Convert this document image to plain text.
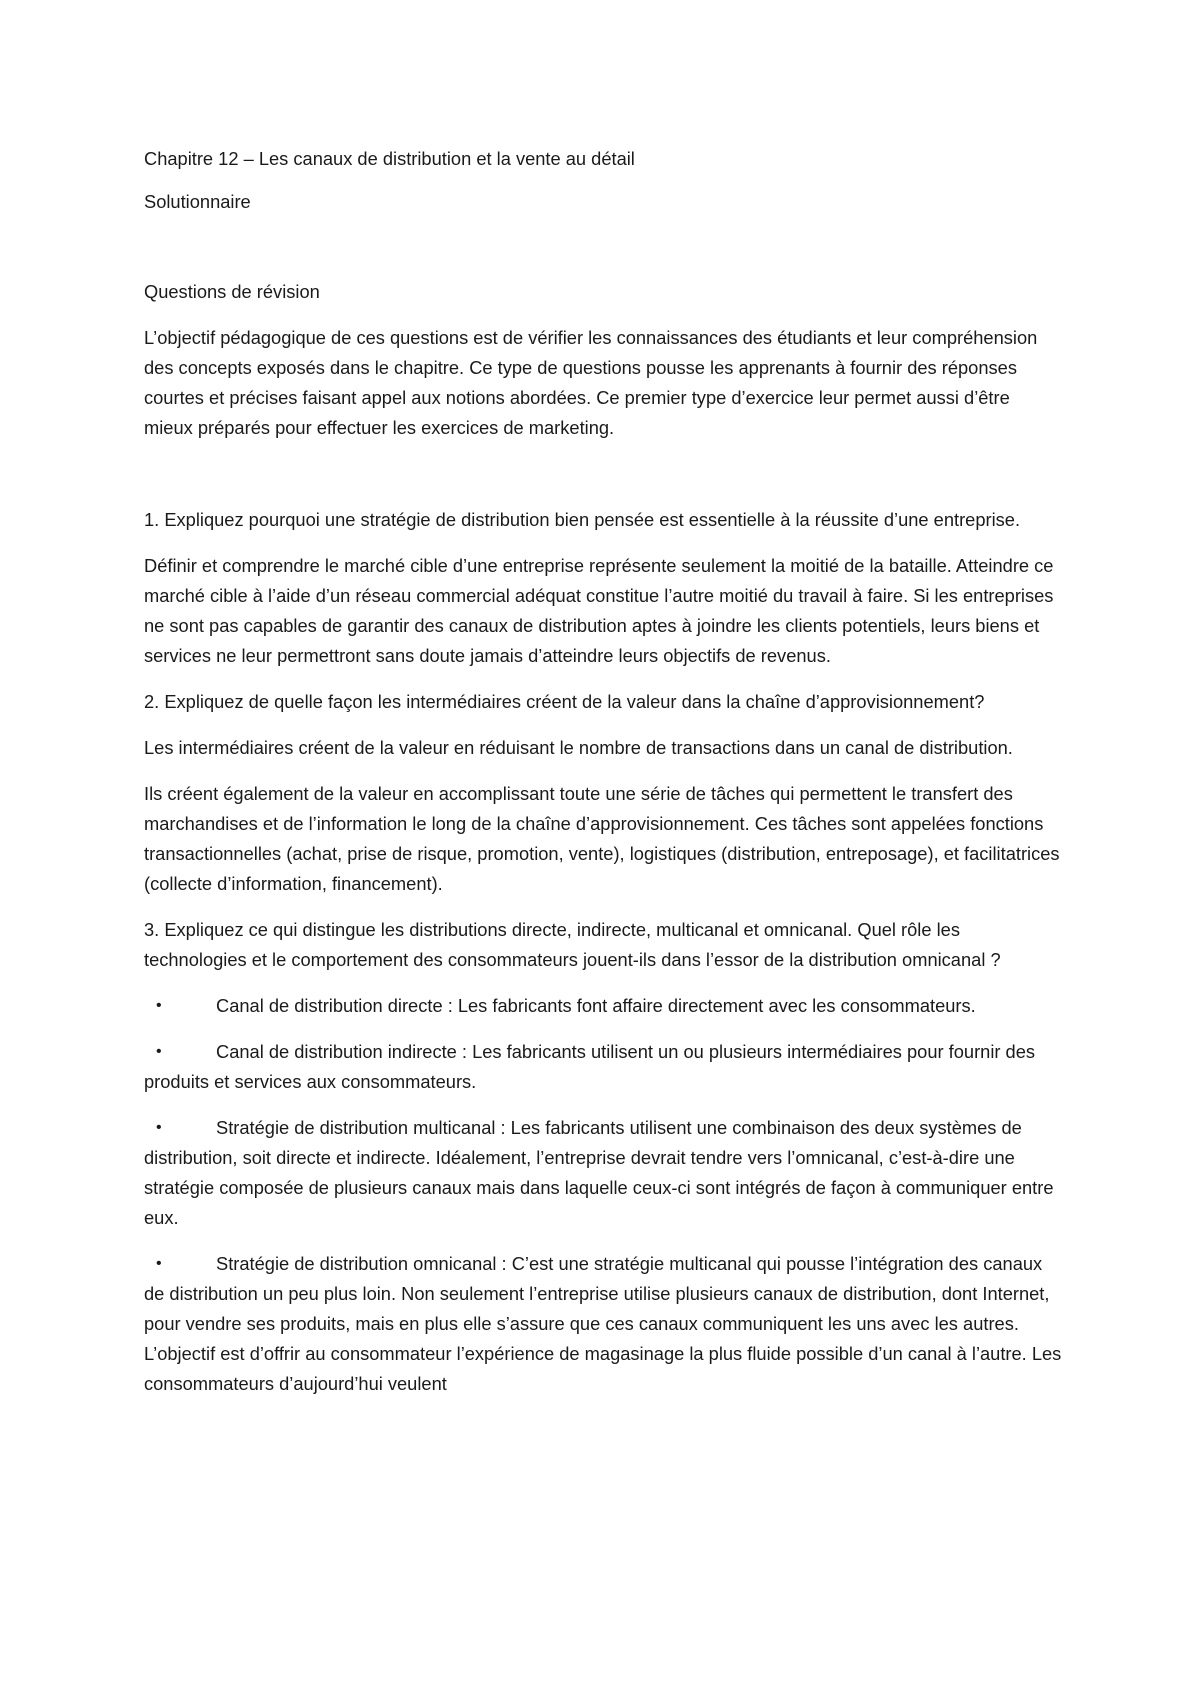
Chapitre 12 – Les canaux de distribution et la vente au détail

Solutionnaire

Questions de révision

L’objectif pédagogique de ces questions est de vérifier les connaissances des étudiants et leur compréhension des concepts exposés dans le chapitre. Ce type de questions pousse les apprenants à fournir des réponses courtes et précises faisant appel aux notions abordées. Ce premier type d’exercice leur permet aussi d’être mieux préparés pour effectuer les exercices de marketing.

1. Expliquez pourquoi une stratégie de distribution bien pensée est essentielle à la réussite d’une entreprise.

Définir et comprendre le marché cible d’une entreprise représente seulement la moitié de la bataille. Atteindre ce marché cible à l’aide d’un réseau commercial adéquat constitue l’autre moitié du travail à faire. Si les entreprises ne sont pas capables de garantir des canaux de distribution aptes à joindre les clients potentiels, leurs biens et services ne leur permettront sans doute jamais d’atteindre leurs objectifs de revenus.

2. Expliquez de quelle façon les intermédiaires créent de la valeur dans la chaîne d’approvisionnement?

Les intermédiaires créent de la valeur en réduisant le nombre de transactions dans un canal de distribution.

Ils créent également de la valeur en accomplissant toute une série de tâches qui permettent le transfert des marchandises et de l’information le long de la chaîne d’approvisionnement. Ces tâches sont appelées fonctions transactionnelles (achat, prise de risque, promotion, vente), logistiques (distribution, entreposage), et facilitatrices (collecte d’information, financement).

3. Expliquez ce qui distingue les distributions directe, indirecte, multicanal et omnicanal. Quel rôle les technologies et le comportement des consommateurs jouent-ils dans l’essor de la distribution omnicanal ?

•	Canal de distribution directe : Les fabricants font affaire directement avec les consommateurs.

•	Canal de distribution indirecte : Les fabricants utilisent un ou plusieurs intermédiaires pour fournir des produits et services aux consommateurs.

•	Stratégie de distribution multicanal : Les fabricants utilisent une combinaison des deux systèmes de distribution, soit directe et indirecte. Idéalement, l’entreprise devrait tendre vers l’omnicanal, c’est-à-dire une stratégie composée de plusieurs canaux mais dans laquelle ceux-ci sont intégrés de façon à communiquer entre eux.

•	Stratégie de distribution omnicanal : C’est une stratégie multicanal qui pousse l’intégration des canaux de distribution un peu plus loin. Non seulement l’entreprise utilise plusieurs canaux de distribution, dont Internet, pour vendre ses produits, mais en plus elle s’assure que ces canaux communiquent les uns avec les autres. L’objectif est d’offrir au consommateur l’expérience de magasinage la plus fluide possible d’un canal à l’autre. Les consommateurs d’aujourd’hui veulent
